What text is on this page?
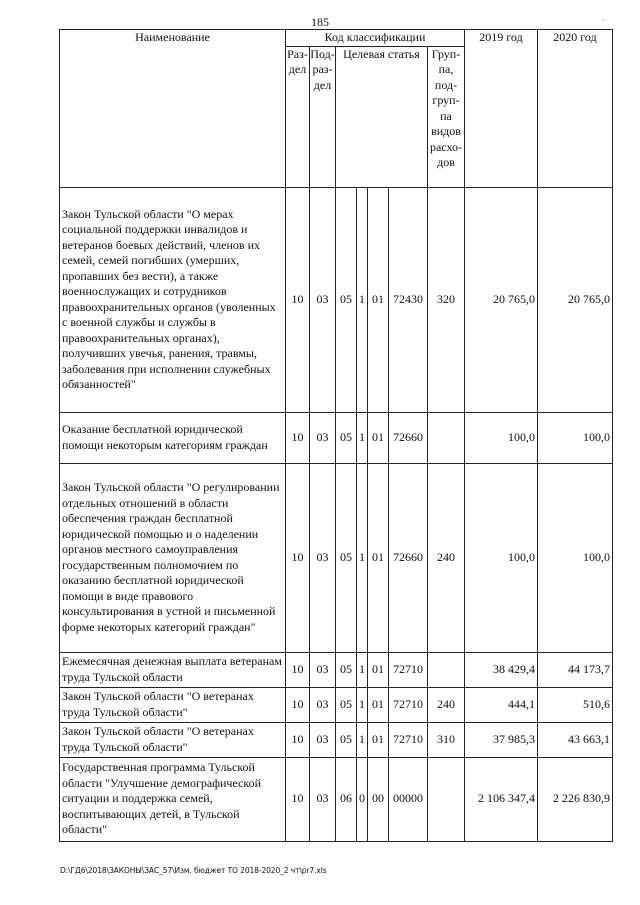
185	·
Наименование	Код классификации							2019 год	2020 год
	Раз-дел	Под-раз-дел	Целевая статья				Груп-па, под-груп-па видов расхо-дов		
Закон Тульской области "О мерах социальной поддержки инвалидов и ветеранов боевых действий, членов их семей, семей погибших (умерших, пропавших без вести), а также военнослужащих и сотрудников правоохранительных органов (уволенных с военной службы и службы в правоохранительных органах), получивших увечья, ранения, травмы, заболевания при исполнении служебных обязанностей"	10	03	05	1	01	72430	320	20 765,0	20 765,0
Оказание бесплатной юридической помощи некоторым категориям граждан	10	03	05	1	01	72660		100,0	100,0
Закон Тульской области "О регулировании отдельных отношений в области обеспечения граждан бесплатной юридической помощью и о наделении органов местного самоуправления государственным полномочием по оказанию бесплатной юридической помощи в виде правового консультирования в устной и письменной форме некоторых категорий граждан"	10	03	05	1	01	72660	240	100,0	100,0
Ежемесячная денежная выплата ветеранам труда Тульской области	10	03	05	1	01	72710		38 429,4	44 173,7
Закон Тульской области "О ветеранах труда Тульской области"	10	03	05	1	01	72710	240	444,1	510,6
Закон Тульской области "О ветеранах труда Тульской области"	10	03	05	1	01	72710	310	37 985,3	43 663,1
Государственная программа Тульской области "Улучшение демографической ситуации и поддержка семей, воспитывающих детей, в Тульской области"	10	03	06	0	00	00000		2 106 347,4	2 226 830,9
D:\ГД6\2018\ЗАКОНЫ\ЗАС_57\Изм. бюджет ТО 2018-2020_2 чт\pr7.xls
